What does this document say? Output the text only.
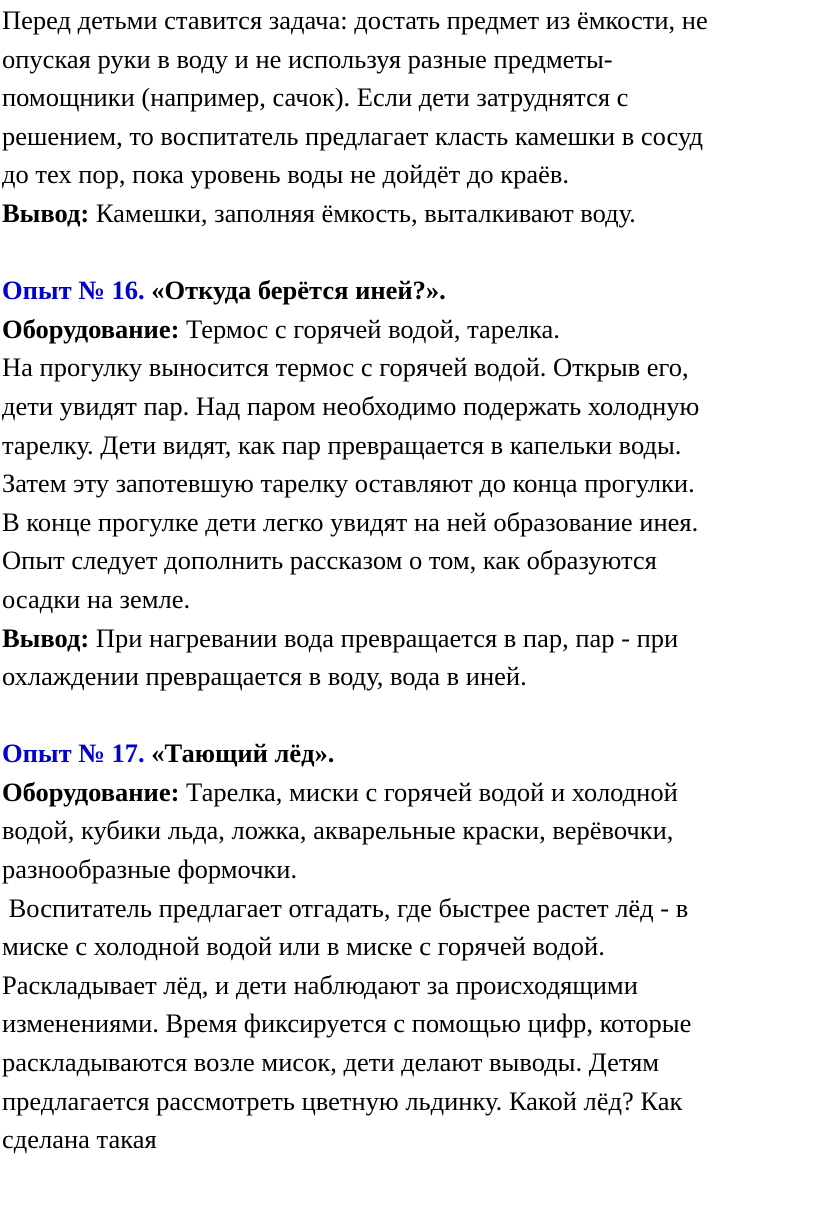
Перед детьми ставится задача: достать предмет из ёмкости, не
опуская руки в воду и не используя разные предметы-
помощники (например, сачок). Если дети затруднятся с
решением, то воспитатель предлагает класть камешки в сосуд
до тех пор, пока уровень воды не дойдёт до краёв.
Вывод: Камешки, заполняя ёмкость, выталкивают воду.
Опыт № 16. «Откуда берётся иней?».
Оборудование: Термос с горячей водой, тарелка.
На прогулку выносится термос с горячей водой. Открыв его,
дети увидят пар. Над паром необходимо подержать холодную
тарелку. Дети видят, как пар превращается в капельки воды.
Затем эту запотевшую тарелку оставляют до конца прогулки.
В конце прогулке дети легко увидят на ней образование инея.
Опыт следует дополнить рассказом о том, как образуются
осадки на земле.
Вывод: При нагревании вода превращается в пар, пар - при
охлаждении превращается в воду, вода в иней.
Опыт № 17. «Тающий лёд».
Оборудование: Тарелка, миски с горячей водой и холодной
водой, кубики льда, ложка, акварельные краски, верёвочки,
разнообразные формочки.
Воспитатель предлагает отгадать, где быстрее растет лёд - в
миске с холодной водой или в миске с горячей водой.
Раскладывает лёд, и дети наблюдают за происходящими
изменениями. Время фиксируется с помощью цифр, которые
раскладываются возле мисок, дети делают выводы. Детям
предлагается рассмотреть цветную льдинку. Какой лёд? Как
сделана такая
